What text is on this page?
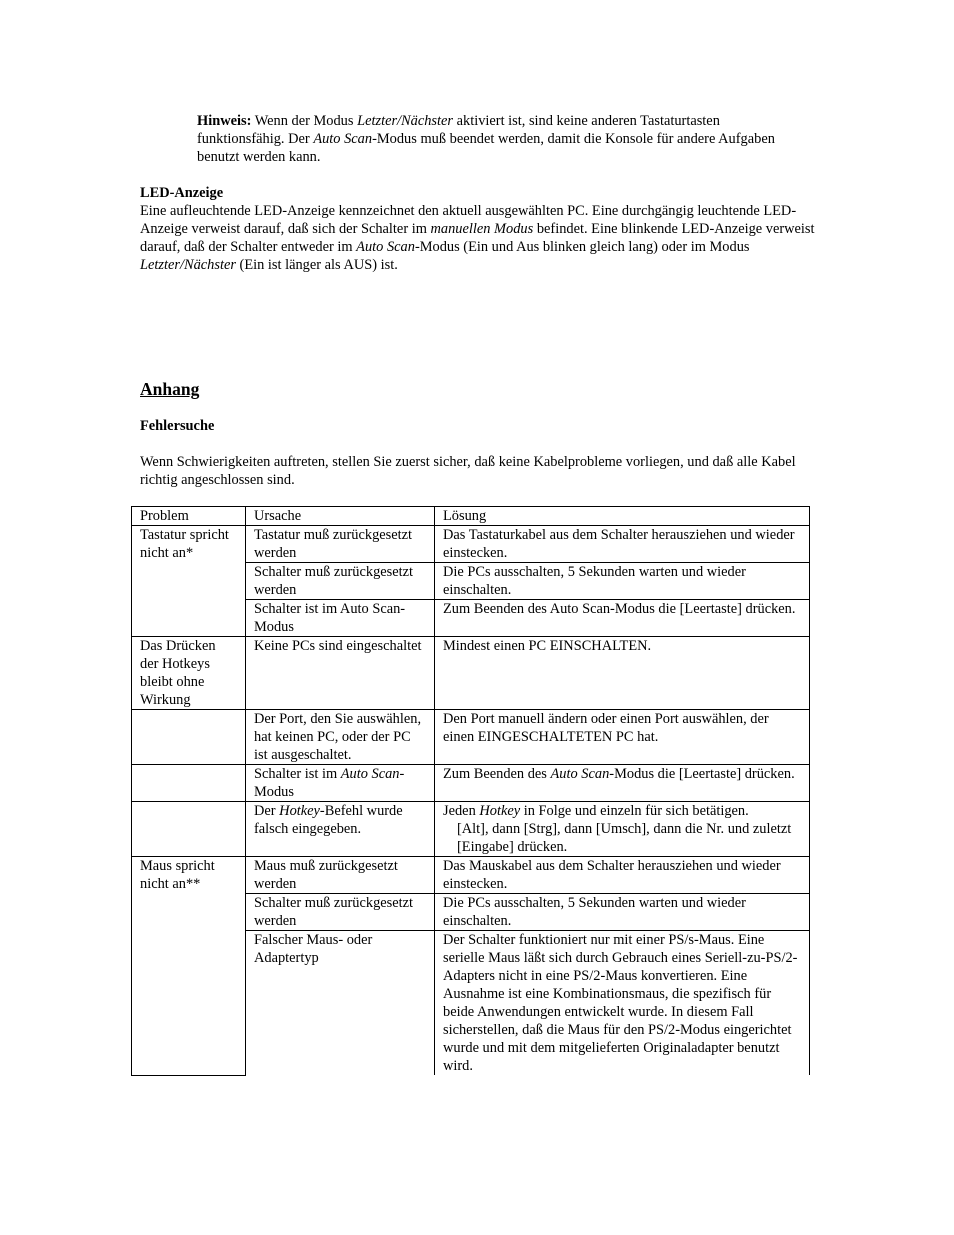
Hinweis: Wenn der Modus Letzter/Nächster aktiviert ist, sind keine anderen Tastaturtasten funktionsfähig. Der Auto Scan-Modus muß beendet werden, damit die Konsole für andere Aufgaben benutzt werden kann.
LED-Anzeige
Eine aufleuchtende LED-Anzeige kennzeichnet den aktuell ausgewählten PC. Eine durchgängig leuchtende LED-Anzeige verweist darauf, daß sich der Schalter im manuellen Modus befindet. Eine blinkende LED-Anzeige verweist darauf, daß der Schalter entweder im Auto Scan-Modus (Ein und Aus blinken gleich lang) oder im Modus Letzter/Nächster (Ein ist länger als AUS) ist.
Anhang
Fehlersuche
Wenn Schwierigkeiten auftreten, stellen Sie zuerst sicher, daß keine Kabelprobleme vorliegen, und daß alle Kabel richtig angeschlossen sind.
Problem	Ursache	Lösung
Tastatur spricht nicht an*	Tastatur muß zurückgesetzt werden	Das Tastaturkabel aus dem Schalter herausziehen und wieder einstecken.
	Schalter muß zurückgesetzt werden	Die PCs ausschalten, 5 Sekunden warten und wieder einschalten.
	Schalter ist im Auto Scan-Modus	Zum Beenden des Auto Scan-Modus die [Leertaste] drücken.
Das Drücken der Hotkeys bleibt ohne Wirkung	Keine PCs sind eingeschaltet	Mindest einen PC EINSCHALTEN.
	Der Port, den Sie auswählen, hat keinen PC, oder der PC ist ausgeschaltet.	Den Port manuell ändern oder einen Port auswählen, der einen EINGESCHALTETEN PC hat.
	Schalter ist im Auto Scan-Modus	Zum Beenden des Auto Scan-Modus die [Leertaste] drücken.
	Der Hotkey-Befehl wurde falsch eingegeben.	Jeden Hotkey in Folge und einzeln für sich betätigen.
[Alt], dann [Strg], dann [Umsch], dann die Nr. und zuletzt [Eingabe] drücken.

Maus spricht nicht an**	Maus muß zurückgesetzt werden	Das Mauskabel aus dem Schalter herausziehen und wieder einstecken.
	Schalter muß zurückgesetzt werden	Die PCs ausschalten, 5 Sekunden warten und wieder einschalten.
	Falscher Maus- oder Adaptertyp	Der Schalter funktioniert nur mit einer PS/s-Maus. Eine serielle Maus läßt sich durch Gebrauch eines Seriell-zu-PS/2-Adapters nicht in eine PS/2-Maus konvertieren. Eine Ausnahme ist eine Kombinationsmaus, die spezifisch für beide Anwendungen entwickelt wurde. In diesem Fall sicherstellen, daß die Maus für den PS/2-Modus eingerichtet wurde und mit dem mitgelieferten Originaladapter benutzt wird.
